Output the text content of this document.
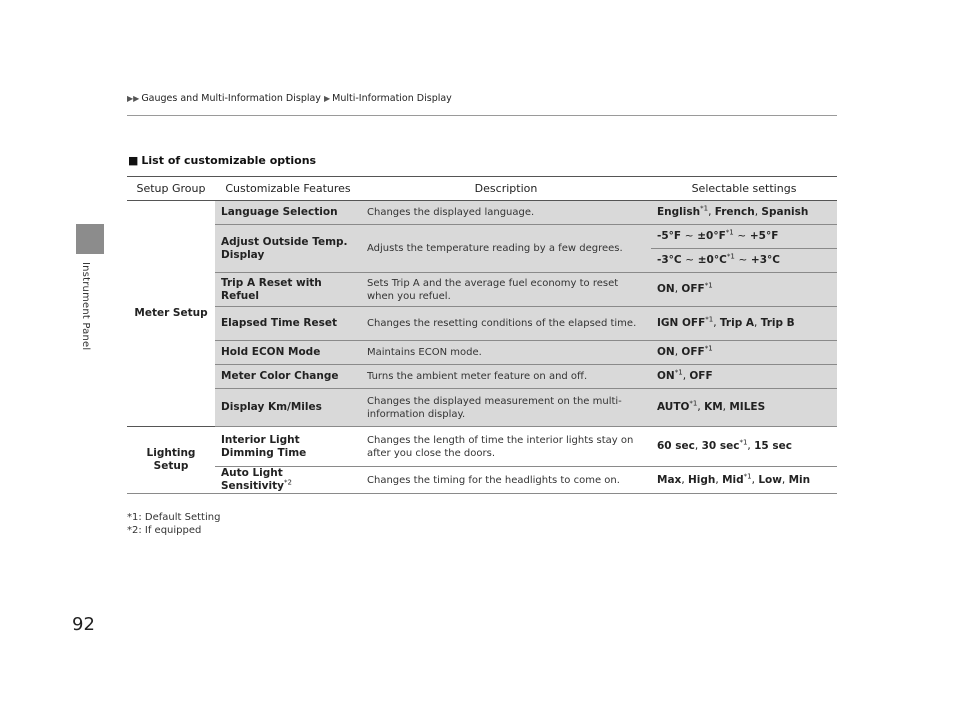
▶▶ Gauges and Multi-Information Display ▶ Multi-Information Display
Instrument Panel
■ List of customizable options
Setup Group	Customizable Features	Description	Selectable settings
Meter Setup	Language Selection	Changes the displayed language.	English$^{*1}$, French, Spanish
	Adjust Outside Temp. Display	Adjusts the temperature reading by a few degrees.	-5°F ~ $\pm 0^\circ F^{*1}$ ~ +5°F
			-3°C ~ $\pm 0^\circ C^{*1}$ ~ +3°C
	Trip A Reset with Refuel	Sets Trip A and the average fuel economy to reset when you refuel.	ON, OFF$^{*1}$
	Elapsed Time Reset	Changes the resetting conditions of the elapsed time.	IGN OFF$^{*1}$, Trip A, Trip B
	Hold ECON Mode	Maintains ECON mode.	ON, OFF$^{*1}$
	Meter Color Change	Turns the ambient meter feature on and off.	ON$^{*1}$, OFF
	Display Km/Miles	Changes the displayed measurement on the multi-information display.	AUTO$^{*1}$, KM, MILES
Lighting Setup	Interior Light Dimming Time	Changes the length of time the interior lights stay on after you close the doors.	60 sec, 30 $\sec^{*1}$, 15 sec
	Auto Light Sensitivity$^{*2}$	Changes the timing for the headlights to come on.	Max, High, Mid$^{*1}$, Low, Min
*1: Default Setting
*2: If equipped
92
